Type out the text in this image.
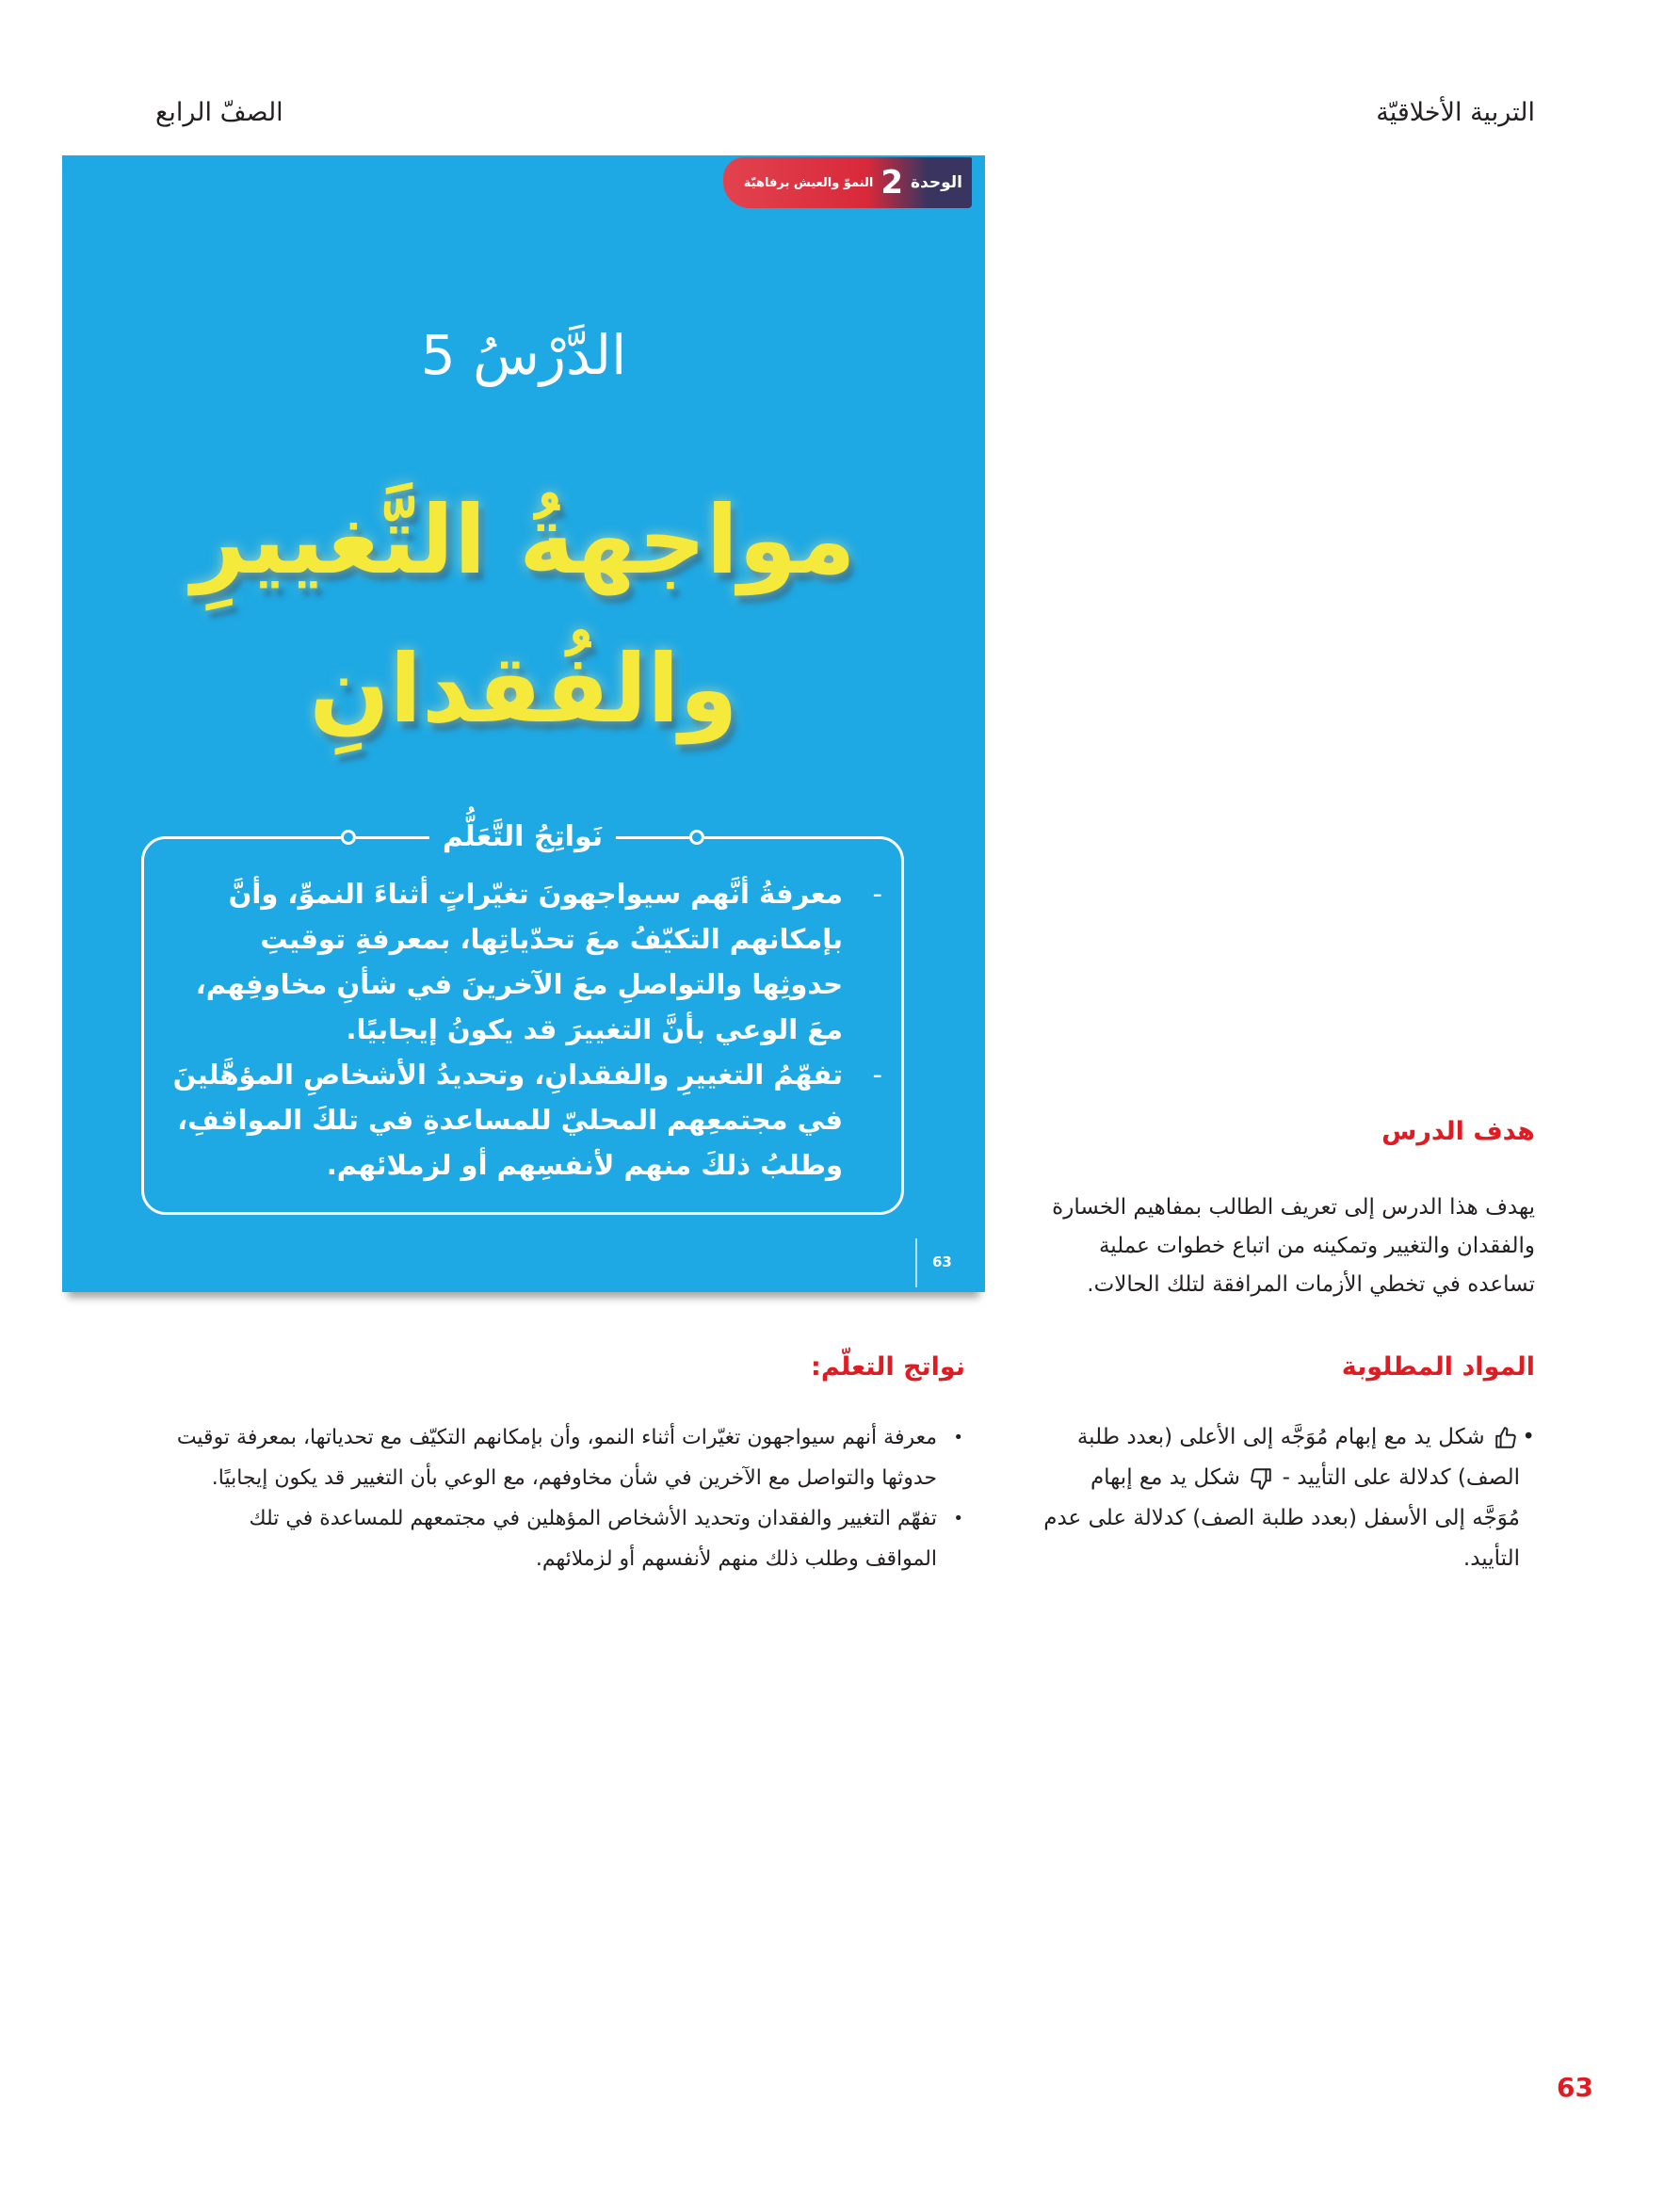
التربية الأخلاقيّة
الصفّ الرابع
الوحدة
2
النموّ والعيش برفاهيّة
الدَّرْسُ 5
مواجهةُ التَّغييرِ
والفُقدانِ
نَواتِجُ التَّعَلُّم
- معرفةُ أنَّهم سيواجهونَ تغيّراتٍ أثناءَ النموِّ، وأنَّ بإمكانهم التكيّفُ معَ تحدّياتِها، بمعرفةِ توقيتِ حدوثِها والتواصلِ معَ الآخرينَ في شأنِ مخاوفِهم، معَ الوعي بأنَّ التغييرَ قد يكونُ إيجابيًا.
- تفهّمُ التغييرِ والفقدانِ، وتحديدُ الأشخاصِ المؤهَّلينَ في مجتمعِهم المحليّ للمساعدةِ في تلكَ المواقفِ، وطلبُ ذلكَ منهم لأنفسِهم أو لزملائهم.
63
هدف الدرس
يهدف هذا الدرس إلى تعريف الطالب بمفاهيم الخسارة والفقدان والتغيير وتمكينه من اتباع خطوات عملية تساعده في تخطي الأزمات المرافقة لتلك الحالات.
المواد المطلوبة
• شكل يد مع إبهام مُوَجَّه إلى الأعلى (بعدد طلبة الصف) كدلالة على التأييد -
شكل يد مع إبهام مُوَجَّه إلى الأسفل (بعدد طلبة الصف) كدلالة على عدم التأييد.
نواتج التعلّم:
• معرفة أنهم سيواجهون تغيّرات أثناء النمو، وأن بإمكانهم التكيّف مع تحدياتها، بمعرفة توقيت حدوثها والتواصل مع الآخرين في شأن مخاوفهم، مع الوعي بأن التغيير قد يكون إيجابيًا.
• تفهّم التغيير والفقدان وتحديد الأشخاص المؤهلين في مجتمعهم للمساعدة في تلك المواقف وطلب ذلك منهم لأنفسهم أو لزملائهم.
63
